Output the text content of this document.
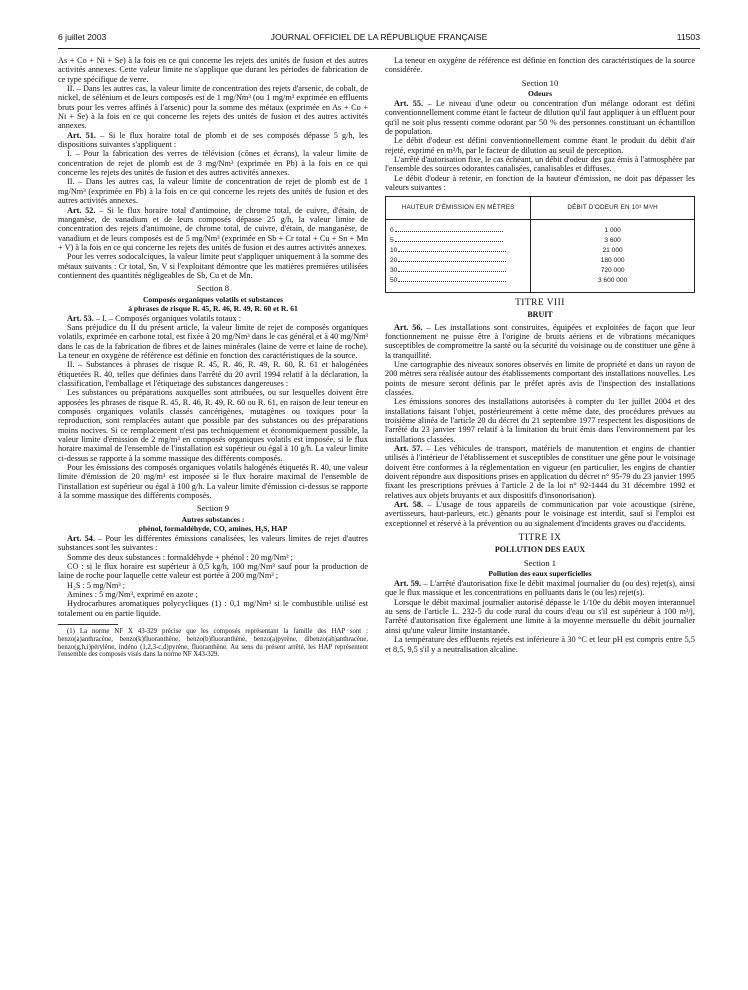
6 juillet 2003	JOURNAL OFFICIEL DE LA RÉPUBLIQUE FRANÇAISE	11503

As + Co + Ni + Se) à la fois en ce qui concerne les rejets des unités de fusion et des autres activités annexes. Cette valeur limite ne s'applique que durant les périodes de fabrication de ce type spécifique de verre.

II. – Dans les autres cas, la valeur limite de concentration des rejets d'arsenic, de cobalt, de nickel, de sélénium et de leurs composés est de 1 mg/Nm³ (ou 1 mg/m³ exprimée en effluents bruts pour les verres affinés à l'arsenic) pour la somme des métaux (exprimée en As + Co + Ni + Se) à la fois en ce qui concerne les rejets des unités de fusion et des autres activités annexes.

Art. 51. – Si le flux horaire total de plomb et de ses composés dépasse 5 g/h, les dispositions suivantes s'appliquent :

I. – Pour la fabrication des verres de télévision (cônes et écrans), la valeur limite de concentration de rejet de plomb est de 3 mg/Nm³ (exprimée en Pb) à la fois en ce qui concerne les rejets des unités de fusion et des autres activités annexes.

II. – Dans les autres cas, la valeur limite de concentration de rejet de plomb est de 1 mg/Nm³ (exprimée en Pb) à la fois en ce qui concerne les rejets des unités de fusion et des autres activités annexes.

Art. 52. – Si le flux horaire total d'antimoine, de chrome total, de cuivre, d'étain, de manganèse, de vanadium et de leurs composés dépasse 25 g/h, la valeur limite de concentration des rejets d'antimoine, de chrome total, de cuivre, d'étain, de manganèse, de vanadium et de leurs composés est de 5 mg/Nm³ (exprimée en Sb + Cr total + Cu + Sn + Mn + V) à la fois en ce qui concerne les rejets des unités de fusion et des autres activités annexes.

Pour les verres sodocalciques, la valeur limite peut s'appliquer uniquement à la somme des métaux suivants : Cr total, Sn, V si l'exploitant démontre que les matières premières utilisées contiennent des quantités négligeables de Sb, Cu et de Mn.

Section 8
Composés organiques volatils et substances
à phrases de risque R. 45, R. 46, R. 49, R. 60 et R. 61

Art. 53. – I. – Composés organiques volatils totaux :

Sans préjudice du II du présent article, la valeur limite de rejet de composés organiques volatils, exprimée en carbone total, est fixée à 20 mg/Nm³ dans le cas général et à 40 mg/Nm³ dans le cas de la fabrication de fibres et de laines minérales (laine de verre et laine de roche). La teneur en oxygène de référence est définie en fonction des caractéristiques de la source.

II. – Substances à phrases de risque R. 45, R. 46, R. 49, R. 60, R. 61 et halogénées étiquetées R. 40, telles que définies dans l'arrêté du 20 avril 1994 relatif à la déclaration, la classification, l'emballage et l'étiquetage des substances dangereuses :

Les substances ou préparations auxquelles sont attribuées, ou sur lesquelles doivent être apposées les phrases de risque R. 45, R. 46, R. 49, R. 60 ou R. 61, en raison de leur teneur en composés organiques volatils classés cancérigènes, mutagènes ou toxiques pour la reproduction, sont remplacées autant que possible par des substances ou des préparations moins nocives. Si ce remplacement n'est pas techniquement et économiquement possible, la valeur limite d'émission de 2 mg/m³ en composés organiques volatils est imposée, si le flux horaire maximal de l'ensemble de l'installation est supérieur ou égal à 10 g/h. La valeur limite ci-dessus se rapporte à la somme massique des différents composés.

Pour les émissions des composés organiques volatils halogénés étiquetés R. 40, une valeur limite d'émission de 20 mg/m³ est imposée si le flux horaire maximal de l'ensemble de l'installation est supérieur ou égal à 100 g/h. La valeur limite d'émission ci-dessus se rapporte à la somme massique des différents composés.

Section 9
Autres substances :
phénol, formaldéhyde, CO, amines, H₂S, HAP

Art. 54. – Pour les différentes émissions canalisées, les valeurs limites de rejet d'autres substances sont les suivantes :

Somme des deux substances : formaldéhyde + phénol : 20 mg/Nm³ ;

CO : si le flux horaire est supérieur à 0,5 kg/h, 100 mg/Nm³ sauf pour la production de laine de roche pour laquelle cette valeur est portée à 200 mg/Nm³ ;

H₂S : 5 mg/Nm³ ;

Amines : 5 mg/Nm³, exprimé en azote ;

Hydrocarbures aromatiques polycycliques (1) : 0,1 mg/Nm³ si le combustible utilisé est totalement ou en partie liquide.

(1) La norme NF X 43-329 précise que les composés représentant la famille des HAP sont : benzo(a)anthracène, benzo(k)fluoranthène, benzo(b)fluoranthène, benzo(a)pyrène, dibenzo(ah)anthracène, benzo(g,h,i)pérylène, indéno (1,2,3-c,d)pyrène, fluoranthène. Au sens du présent arrêté, les HAP représentent l'ensemble des composés visés dans la norme NF X43-329.

La teneur en oxygène de référence est définie en fonction des caractéristiques de la source considérée.

Section 10
Odeurs

Art. 55. – Le niveau d'une odeur ou concentration d'un mélange odorant est défini conventionnellement comme étant le facteur de dilution qu'il faut appliquer à un effluent pour qu'il ne soit plus ressenti comme odorant par 50 % des personnes constituant un échantillon de population.

Le débit d'odeur est défini conventionnellement comme étant le produit du débit d'air rejeté, exprimé en m³/h, par le facteur de dilution au seuil de perception.

L'arrêté d'autorisation fixe, le cas échéant, un débit d'odeur des gaz émis à l'atmosphère par l'ensemble des sources odorantes canalisées, canalisables et diffuses.

Le débit d'odeur à retenir, en fonction de la hauteur d'émission, ne doit pas dépasser les valeurs suivantes :

HAUTEUR D'ÉMISSION EN MÈTRES	DÉBIT D'ODEUR EN 10³ M³/H
0	1 000
5	3 600
10	21 000
20	180 000
30	720 000
50	3 600 000
TITRE VIII
BRUIT

Art. 56. – Les installations sont construites, équipées et exploitées de façon que leur fonctionnement ne puisse être à l'origine de bruits aériens et de vibrations mécaniques susceptibles de compromettre la santé ou la sécurité du voisinage ou de constituer une gêne à la tranquillité.

Une cartographie des niveaux sonores observés en limite de propriété et dans un rayon de 200 mètres sera réalisée autour des établissements comportant des installations nouvelles. Les points de mesure seront définis par le préfet après avis de l'inspection des installations classées.

Les émissions sonores des installations autorisées à compter du 1er juillet 2004 et des installations faisant l'objet, postérieurement à cette même date, des procédures prévues au troisième alinéa de l'article 20 du décret du 21 septembre 1977 respectent les dispositions de l'arrêté du 23 janvier 1997 relatif à la limitation du bruit émis dans l'environnement par les installations classées.

Art. 57. – Les véhicules de transport, matériels de manutention et engins de chantier utilisés à l'intérieur de l'établissement et susceptibles de constituer une gêne pour le voisinage doivent être conformes à la réglementation en vigueur (en particulier, les engins de chantier doivent répondre aux dispositions prises en application du décret n° 95-79 du 23 janvier 1995 fixant les prescriptions prévues à l'article 2 de la loi n° 92-1444 du 31 décembre 1992 et relatives aux objets bruyants et aux dispositifs d'insonorisation).

Art. 58. – L'usage de tous appareils de communication par voie acoustique (sirène, avertisseurs, haut-parleurs, etc.) gênants pour le voisinage est interdit, sauf si l'emploi est exceptionnel et réservé à la prévention ou au signalement d'incidents graves ou d'accidents.

TITRE IX
POLLUTION DES EAUX
Section 1
Pollution des eaux superficielles

Art. 59. – L'arrêté d'autorisation fixe le débit maximal journalier du (ou des) rejet(s), ainsi que le flux massique et les concentrations en polluants dans le (ou les) rejet(s).

Lorsque le débit maximal journalier autorisé dépasse le 1/10e du débit moyen interannuel au sens de l'article L. 232-5 du code rural du cours d'eau ou s'il est supérieur à 100 m³/j, l'arrêté d'autorisation fixe également une limite à la moyenne mensuelle du débit journalier ainsi qu'une valeur limite instantanée.

La température des effluents rejetés est inférieure à 30 °C et leur pH est compris entre 5,5 et 8,5, 9,5 s'il y a neutralisation alcaline.
